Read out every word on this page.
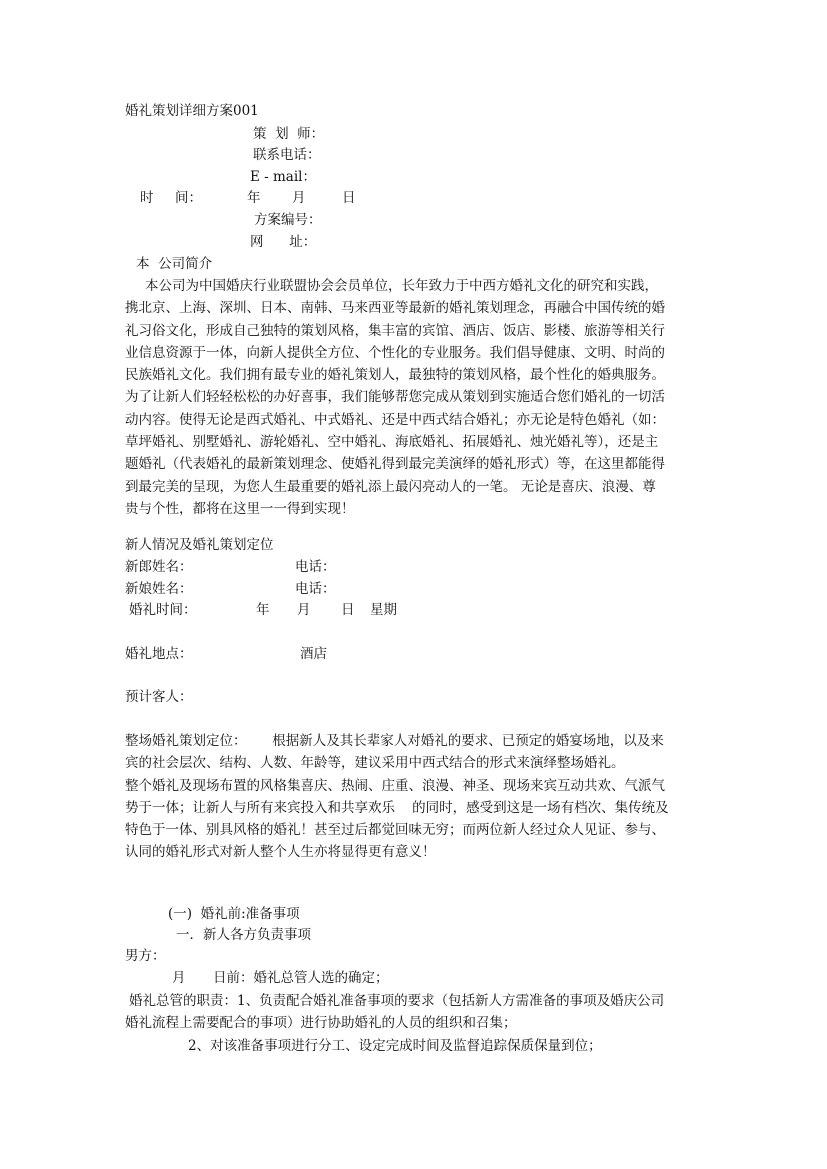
婚礼策划详细方案001
策  划  师：
联系电话：
E - mail：
时     间：	年 月	日
方案编号：
网      址：
本  公司简介
本公司为中国婚庆行业联盟协会会员单位，长年致力于中西方婚礼文化的研究和实践，
携北京、上海、深圳、日本、南韩、马来西亚等最新的婚礼策划理念，再融合中国传统的婚
礼习俗文化，形成自己独特的策划风格，集丰富的宾馆、酒店、饭店、影楼、旅游等相关行
业信息资源于一体，向新人提供全方位、个性化的专业服务。我们倡导健康、文明、时尚的
民族婚礼文化。我们拥有最专业的婚礼策划人，最独特的策划风格，最个性化的婚典服务。
为了让新人们轻轻松松的办好喜事，我们能够帮您完成从策划到实施适合您们婚礼的一切活
动内容。使得无论是西式婚礼、中式婚礼、还是中西式结合婚礼；亦无论是特色婚礼（如：
草坪婚礼、别墅婚礼、游轮婚礼、空中婚礼、海底婚礼、拓展婚礼、烛光婚礼等），还是主
题婚礼（代表婚礼的最新策划理念、使婚礼得到最完美演绎的婚礼形式）等，在这里都能得
到最完美的呈现，为您人生最重要的婚礼添上最闪亮动人的一笔。 无论是喜庆、浪漫、尊
贵与个性，都将在这里一一得到实现！
新人情况及婚礼策划定位
新郎姓名：	电话：
新娘姓名：	电话：
婚礼时间：	年 月 日 星期
婚礼地点：	酒店
预计客人：
整场婚礼策划定位：      根据新人及其长辈家人对婚礼的要求、已预定的婚宴场地，以及来
宾的社会层次、结构、人数、年龄等，建议采用中西式结合的形式来演绎整场婚礼。
整个婚礼及现场布置的风格集喜庆、热闹、庄重、浪漫、神圣、现场来宾互动共欢、气派气
势于一体；让新人与所有来宾投入和共享欢乐    的同时，感受到这是一场有档次、集传统及
特色于一体、别具风格的婚礼！甚至过后都觉回味无穷；而两位新人经过众人见证、参与、
认同的婚礼形式对新人整个人生亦将显得更有意义！
(一)  婚礼前:准备事项
一．新人各方负责事项
男方：
月 日前：婚礼总管人选的确定；
婚礼总管的职责：1、负责配合婚礼准备事项的要求（包括新人方需准备的事项及婚庆公司
婚礼流程上需要配合的事项）进行协助婚礼的人员的组织和召集；
2、对该准备事项进行分工、设定完成时间及监督追踪保质保量到位；
